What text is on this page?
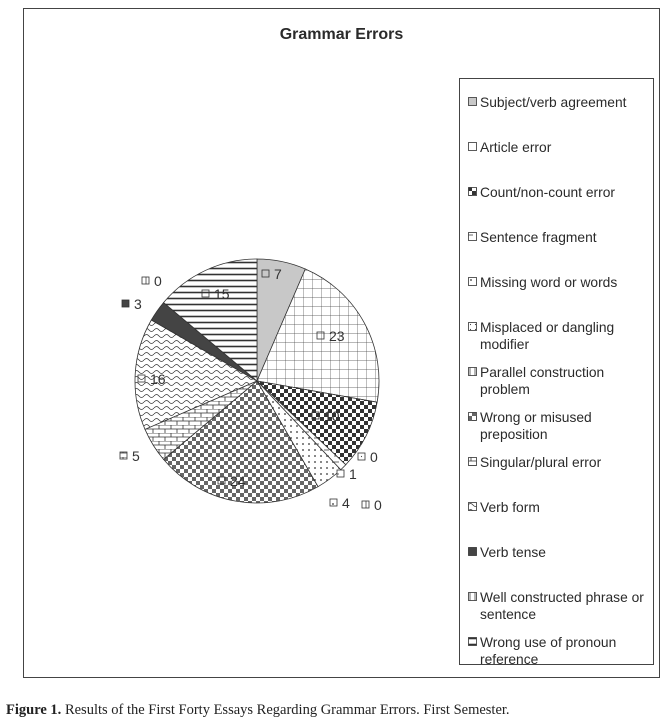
Grammar Errors
7
23
10
1
4
0
0
24
5
16
3
0
15
Subject/verb agreement
Article error
Count/non-count error
Sentence fragment
Missing word or words
Misplaced or dangling modifier
Parallel construction problem
Wrong or misused preposition
Singular/plural error
Verb form
Verb tense
Well constructed phrase or sentence
Wrong use of pronoun reference
Figure 1. Results of the First Forty Essays Regarding Grammar Errors. First Semester.
